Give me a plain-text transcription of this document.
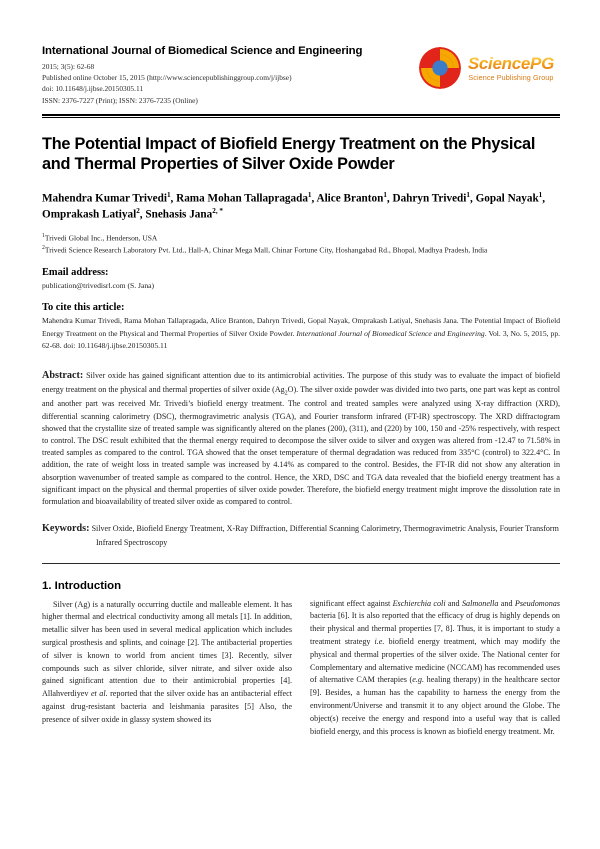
International Journal of Biomedical Science and Engineering
2015; 3(5): 62-68
Published online October 15, 2015 (http://www.sciencepublishinggroup.com/j/ijbse)
doi: 10.11648/j.ijbse.20150305.11
ISSN: 2376-7227 (Print); ISSN: 2376-7235 (Online)
SciencePG
Science Publishing Group
The Potential Impact of Biofield Energy Treatment on the Physical and Thermal Properties of Silver Oxide Powder
Mahendra Kumar Trivedi$^1$, Rama Mohan Tallapragada$^1$, Alice Branton$^1$, Dahryn Trivedi$^1$, Gopal Nayak$^1$, Omprakash Latiyal$^2$, Snehasis Jana$^{2, *}$
$^1$Trivedi Global Inc., Henderson, USA
$^2$Trivedi Science Research Laboratory Pvt. Ltd., Hall-A, Chinar Mega Mall, Chinar Fortune City, Hoshangabad Rd., Bhopal, Madhya Pradesh, India
Email address:
publication@trivedisrl.com (S. Jana)
To cite this article:
Mahendra Kumar Trivedi, Rama Mohan Tallapragada, Alice Branton, Dahryn Trivedi, Gopal Nayak, Omprakash Latiyal, Snehasis Jana. The Potential Impact of Biofield Energy Treatment on the Physical and Thermal Properties of Silver Oxide Powder. International Journal of Biomedical Science and Engineering. Vol. 3, No. 5, 2015, pp. 62-68. doi: 10.11648/j.ijbse.20150305.11
Abstract: Silver oxide has gained significant attention due to its antimicrobial activities. The purpose of this study was to evaluate the impact of biofield energy treatment on the physical and thermal properties of silver oxide $(Ag_2O)$. The silver oxide powder was divided into two parts, one part was kept as control and another part was received Mr. Trivedi’s biofield energy treatment. The control and treated samples were analyzed using X-ray diffraction (XRD), differential scanning calorimetry (DSC), thermogravimetric analysis (TGA), and Fourier transform infrared (FT-IR) spectroscopy. The XRD diffractogram showed that the crystallite size of treated sample was significantly altered on the planes (200), (311), and (220) by 100, 150 and -25% respectively, with respect to control. The DSC result exhibited that the thermal energy required to decompose the silver oxide to silver and oxygen was altered from -12.47 to 71.58% in treated samples as compared to the control. TGA showed that the onset temperature of thermal degradation was reduced from 335°C (control) to 322.4°C. In addition, the rate of weight loss in treated sample was increased by 4.14% as compared to the control. Besides, the FT-IR did not show any alteration in absorption wavenumber of treated sample as compared to the control. Hence, the XRD, DSC and TGA data revealed that the biofield energy treatment has a significant impact on the physical and thermal properties of silver oxide powder. Therefore, the biofield energy treatment might improve the dissolution rate in formulation and bioavailability of treated silver oxide as compared to control.
Keywords: Silver Oxide, Biofield Energy Treatment, X-Ray Diffraction, Differential Scanning Calorimetry, Thermogravimetric Analysis, Fourier Transform Infrared Spectroscopy
1. Introduction

Silver (Ag) is a naturally occurring ductile and malleable element. It has higher thermal and electrical conductivity among all metals [1]. In addition, metallic silver has been used in several medical application which includes surgical prosthesis and splints, and coinage [2]. The antibacterial properties of silver is known to world from ancient times [3]. Recently, silver compounds such as silver chloride, silver nitrate, and silver oxide also gained significant attention due to their antimicrobial properties [4]. Allahverdiyev et al. reported that the silver oxide has an antibacterial effect against drug-resistant bacteria and leishmania parasites [5] Also, the presence of silver oxide in glassy system showed its

significant effect against Eschierchia coli and Salmonella and Pseudomonas bacteria [6]. It is also reported that the efficacy of drug is highly depends on their physical and thermal properties [7, 8]. Thus, it is important to study a treatment strategy i.e. biofield energy treatment, which may modify the physical and thermal properties of the silver oxide. The National center for Complementary and alternative medicine (NCCAM) has recommended uses of alternative CAM therapies (e.g. healing therapy) in the healthcare sector [9]. Besides, a human has the capability to harness the energy from the environment/Universe and transmit it to any object around the Globe. The object(s) receive the energy and respond into a useful way that is called biofield energy, and this process is known as biofield energy treatment. Mr.
